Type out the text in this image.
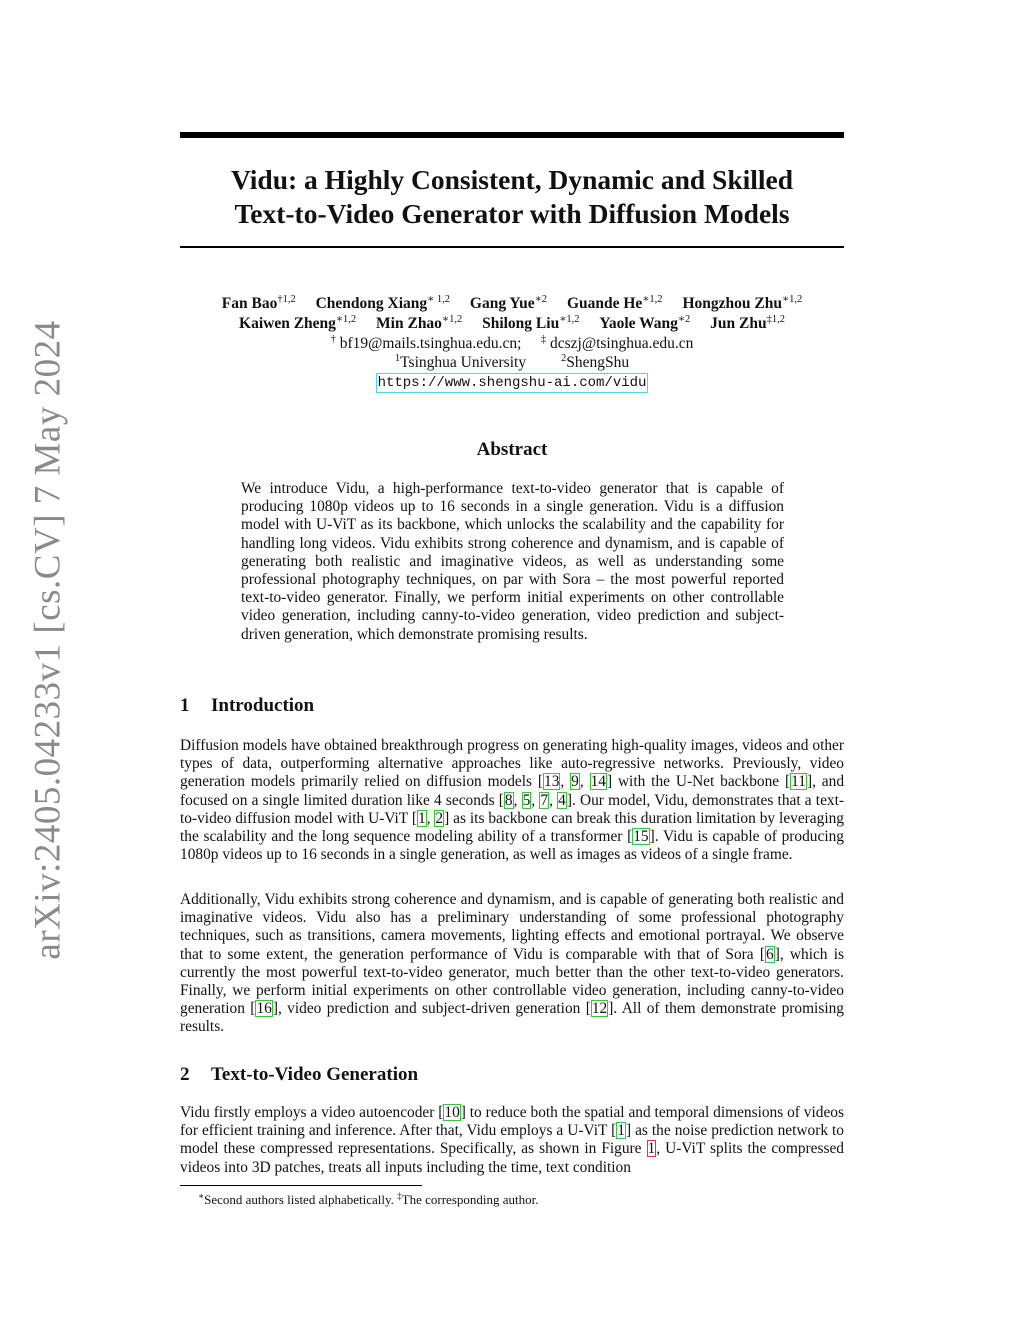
arXiv:2405.04233v1 [cs.CV] 7 May 2024
Vidu: a Highly Consistent, Dynamic and Skilled
Text-to-Video Generator with Diffusion Models
Fan Bao$^{\dagger 1,2}$ Chendong Xiang$^{∗ 1,2}$ Gang Yue$^{∗2}$ Guande $He^{∗1,2}$ Hongzhou Zhu$^{∗1,2}$
Kaiwen Zheng$^{∗1,2}$ Min Zhao$^{∗1,2}$ Shilong Liu$^{∗1,2}$ Yaole Wang$^{∗2}$ Jun Zhu$^{\ddagger 1,2}$
† bf19@mails.tsinghua.edu.cn; ‡ dcszj@tsinghua.edu.cn
$^1$Tsinghua University	$^2$ShengShu
https://www.shengshu-ai.com/vidu
Abstract
We introduce Vidu, a high-performance text-to-video generator that is capable of producing 1080p videos up to 16 seconds in a single generation. Vidu is a diffusion model with U-ViT as its backbone, which unlocks the scalability and the capability for handling long videos. Vidu exhibits strong coherence and dynamism, and is capable of generating both realistic and imaginative videos, as well as understanding some professional photography techniques, on par with Sora – the most powerful reported text-to-video generator. Finally, we perform initial experiments on other controllable video generation, including canny-to-video generation, video prediction and subject-driven generation, which demonstrate promising results.
1 Introduction
Diffusion models have obtained breakthrough progress on generating high-quality images, videos and other types of data, outperforming alternative approaches like auto-regressive networks. Previously, video generation models primarily relied on diffusion models [13, 9, 14] with the U-Net backbone [11], and focused on a single limited duration like 4 seconds [8, 5, 7, 4]. Our model, Vidu, demonstrates that a text-to-video diffusion model with U-ViT [1, 2] as its backbone can break this duration limitation by leveraging the scalability and the long sequence modeling ability of a transformer [15]. Vidu is capable of producing 1080p videos up to 16 seconds in a single generation, as well as images as videos of a single frame.
Additionally, Vidu exhibits strong coherence and dynamism, and is capable of generating both realistic and imaginative videos. Vidu also has a preliminary understanding of some professional photography techniques, such as transitions, camera movements, lighting effects and emotional portrayal. We observe that to some extent, the generation performance of Vidu is comparable with that of Sora [6], which is currently the most powerful text-to-video generator, much better than the other text-to-video generators. Finally, we perform initial experiments on other controllable video generation, including canny-to-video generation [16], video prediction and subject-driven generation [12]. All of them demonstrate promising results.
2 Text-to-Video Generation
Vidu firstly employs a video autoencoder [10] to reduce both the spatial and temporal dimensions of videos for efficient training and inference. After that, Vidu employs a U-ViT [1] as the noise prediction network to model these compressed representations. Specifically, as shown in Figure 1, U-ViT splits the compressed videos into 3D patches, treats all inputs including the time, text condition
∗Second authors listed alphabetically. ‡The corresponding author.
